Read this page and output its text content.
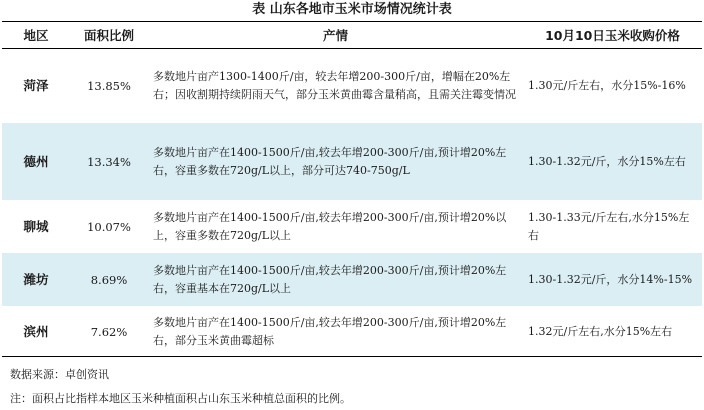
表 山东各地市玉米市场情况统计表
地区	面积比例	产情	10月10日玉米收购价格
菏泽	13.85%	多数地片亩产1300-1400斤/亩，较去年增200-300斤/亩，增幅在20%左右；因收割期持续阴雨天气，部分玉米黄曲霉含量稍高，且需关注霉变情况	1.30元/斤左右，水分15%-16%
德州	13.34%	多数地片亩产在1400-1500斤/亩,较去年增200-300斤/亩,预计增20%左右，容重多数在720g/L以上，部分可达740-750g/L	1.30-1.32元/斤，水分15%左右
聊城	10.07%	多数地片亩产在1400-1500斤/亩,较去年增200-300斤/亩,预计增20%以上，容重多数在720g/L以上	1.30-1.33元/斤左右,水分15%左右
潍坊	8.69%	多数地片亩产在1400-1500斤/亩,较去年增200-300斤/亩,预计增20%左右，容重基本在720g/L以上	1.30-1.32元/斤，水分14%-15%
滨州	7.62%	多数地片亩产在1400-1500斤/亩,较去年增200-300斤/亩,预计增20%左右，部分玉米黄曲霉超标	1.32元/斤左右,水分15%左右
数据来源：卓创资讯
注：面积占比指样本地区玉米种植面积占山东玉米种植总面积的比例。
